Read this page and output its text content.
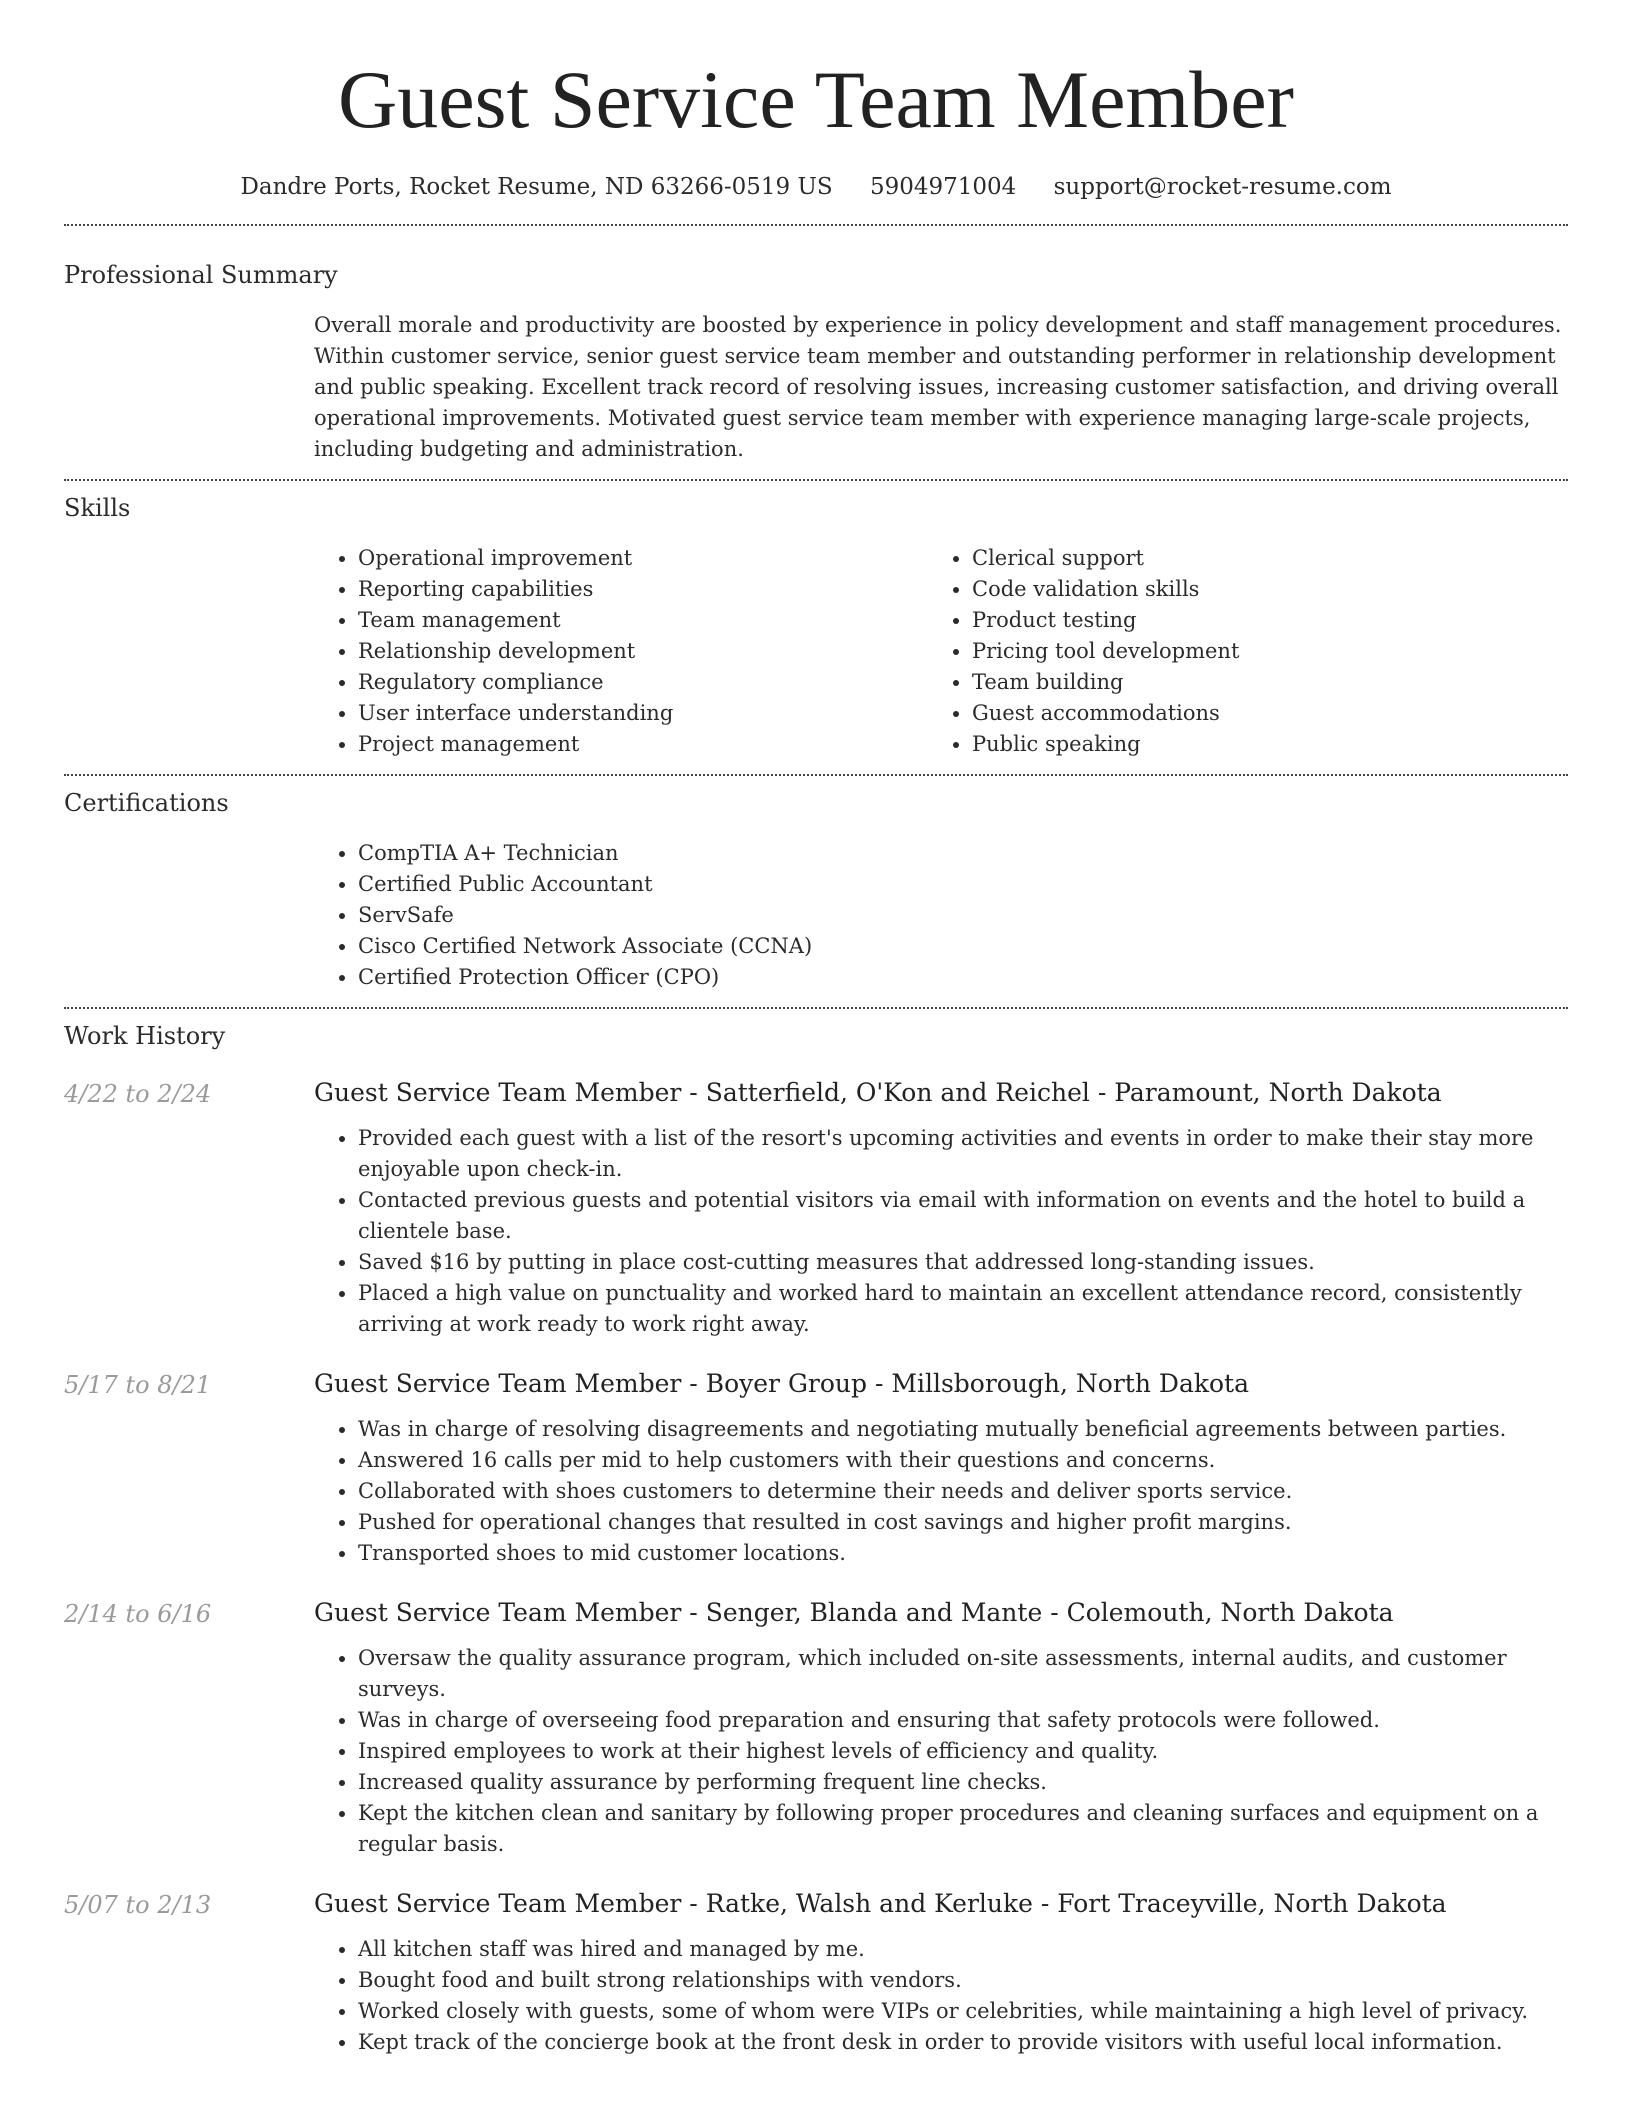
Guest Service Team Member
Dandre Ports, Rocket Resume, ND 63266-0519 US 5904971004 support@rocket-resume.com
Professional Summary

Overall morale and productivity are boosted by experience in policy development and staff management procedures. Within customer service, senior guest service team member and outstanding performer in relationship development and public speaking. Excellent track record of resolving issues, increasing customer satisfaction, and driving overall operational improvements. Motivated guest service team member with experience managing large-scale projects, including budgeting and administration.

Skills
• Operational improvement
• Reporting capabilities
• Team management
• Relationship development
• Regulatory compliance
• User interface understanding
• Project management
• Clerical support
• Code validation skills
• Product testing
• Pricing tool development
• Team building
• Guest accommodations
• Public speaking
Certifications
• CompTIA A+ Technician
• Certified Public Accountant
• ServSafe
• Cisco Certified Network Associate (CCNA)
• Certified Protection Officer (CPO)
Work History
4/22 to 2/24	Guest Service Team Member - Satterfield, O'Kon and Reichel - Paramount, North Dakota
• Provided each guest with a list of the resort's upcoming activities and events in order to make their stay more enjoyable upon check-in.
• Contacted previous guests and potential visitors via email with information on events and the hotel to build a clientele base.
• Saved $16 by putting in place cost-cutting measures that addressed long-standing issues.
• Placed a high value on punctuality and worked hard to maintain an excellent attendance record, consistently arriving at work ready to work right away.
5/17 to 8/21	Guest Service Team Member - Boyer Group - Millsborough, North Dakota
• Was in charge of resolving disagreements and negotiating mutually beneficial agreements between parties.
• Answered 16 calls per mid to help customers with their questions and concerns.
• Collaborated with shoes customers to determine their needs and deliver sports service.
• Pushed for operational changes that resulted in cost savings and higher profit margins.
• Transported shoes to mid customer locations.
2/14 to 6/16	Guest Service Team Member - Senger, Blanda and Mante - Colemouth, North Dakota
• Oversaw the quality assurance program, which included on-site assessments, internal audits, and customer surveys.
• Was in charge of overseeing food preparation and ensuring that safety protocols were followed.
• Inspired employees to work at their highest levels of efficiency and quality.
• Increased quality assurance by performing frequent line checks.
• Kept the kitchen clean and sanitary by following proper procedures and cleaning surfaces and equipment on a regular basis.
5/07 to 2/13	Guest Service Team Member - Ratke, Walsh and Kerluke - Fort Traceyville, North Dakota
• All kitchen staff was hired and managed by me.
• Bought food and built strong relationships with vendors.
• Worked closely with guests, some of whom were VIPs or celebrities, while maintaining a high level of privacy.
• Kept track of the concierge book at the front desk in order to provide visitors with useful local information.
